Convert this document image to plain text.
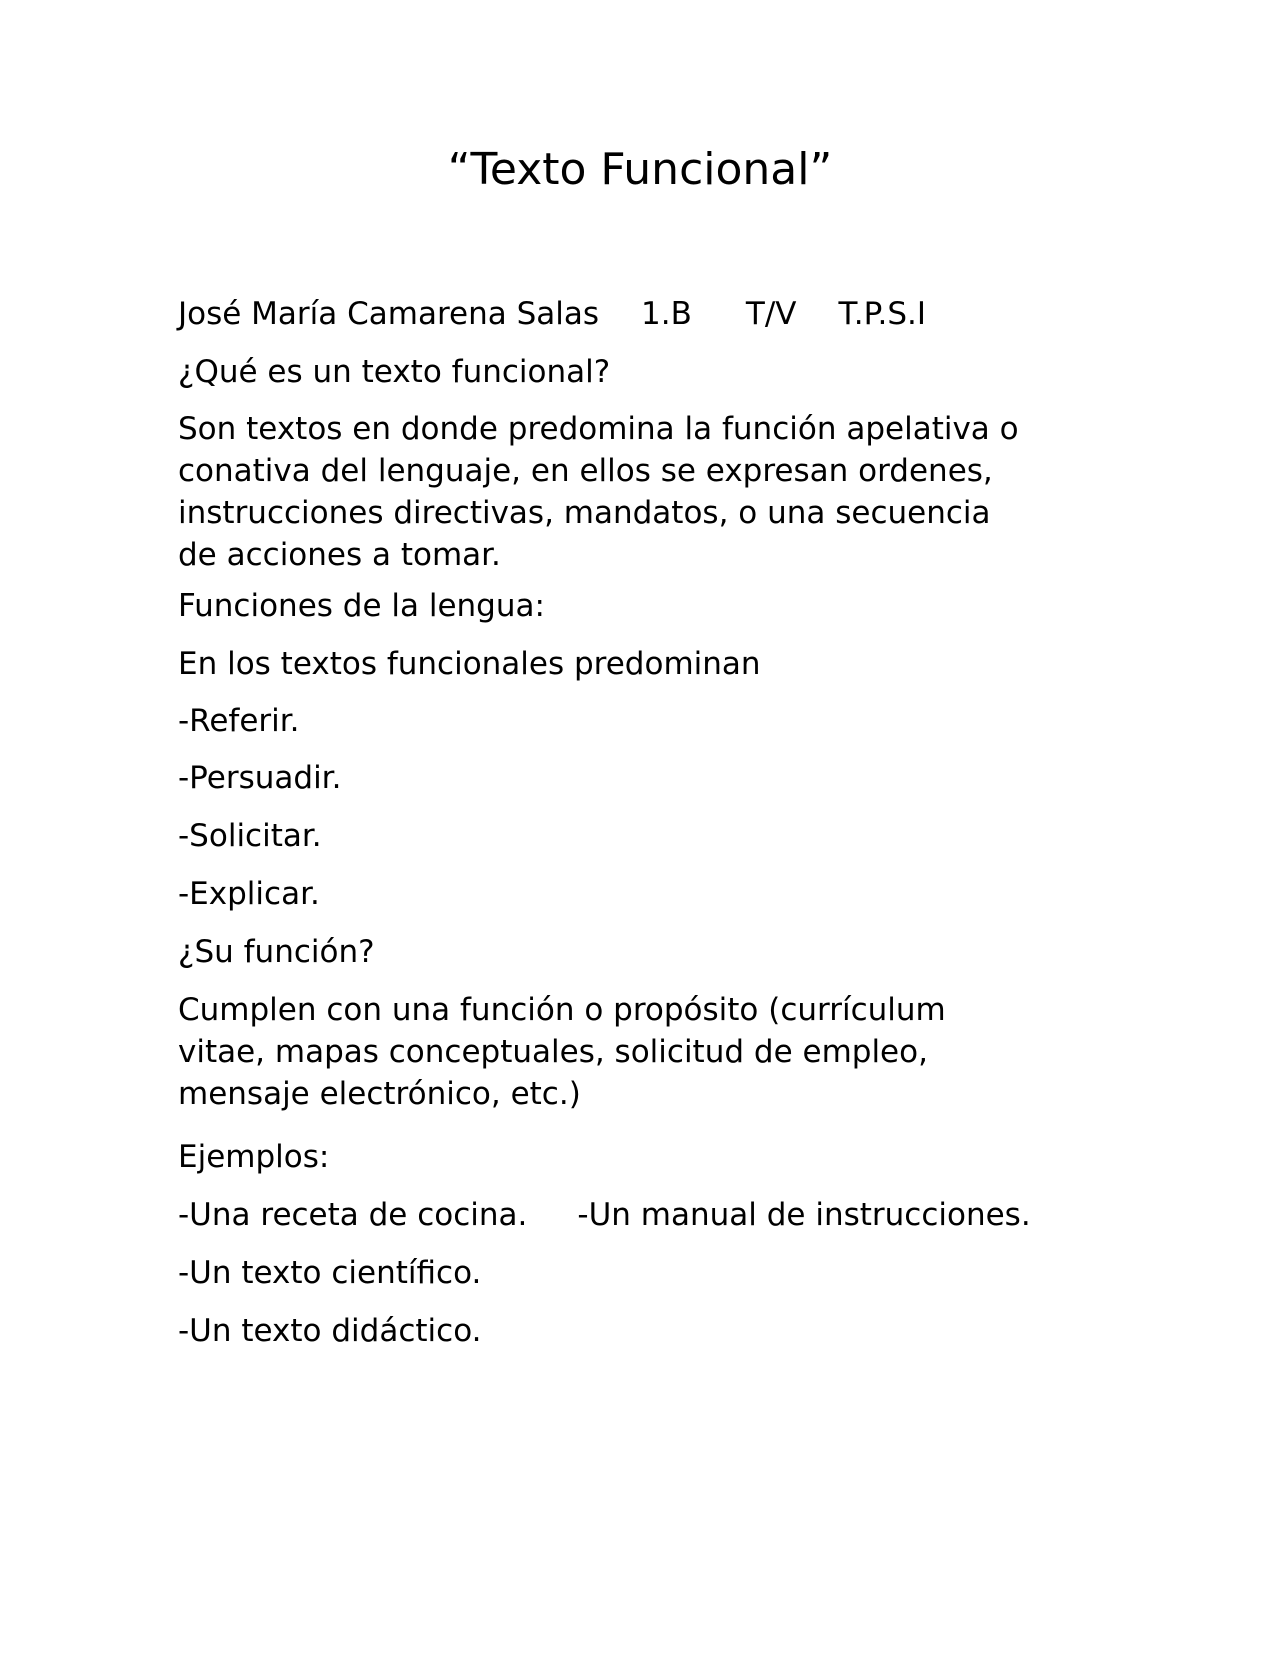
“Texto Funcional”
José María Camarena Salas 1.B T/V T.P.S.I
¿Qué es un texto funcional?
Son textos en donde predomina la función apelativa o
conativa del lenguaje, en ellos se expresan ordenes,
instrucciones directivas, mandatos, o una secuencia
de acciones a tomar.
Funciones de la lengua:
En los textos funcionales predominan
-Referir.
-Persuadir.
-Solicitar.
-Explicar.
¿Su función?
Cumplen con una función o propósito (currículum
vitae, mapas conceptuales, solicitud de empleo,
mensaje electrónico, etc.)
Ejemplos:
-Una receta de cocina. -Un manual de instrucciones.
-Un texto científico.
-Un texto didáctico.
